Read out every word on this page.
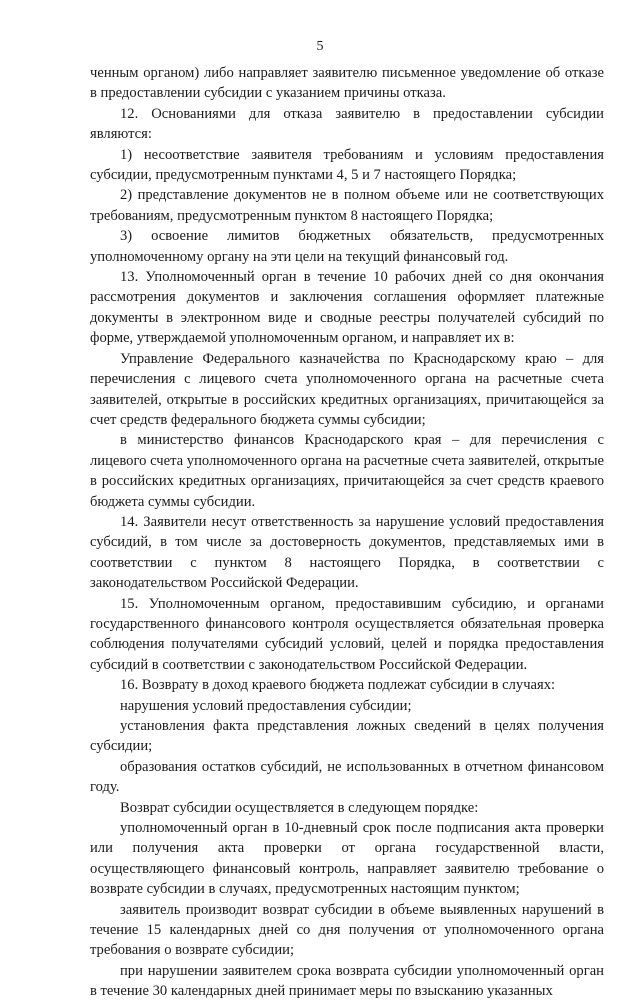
5

ченным органом) либо направляет заявителю письменное уведомление об отказе в предоставлении субсидии с указанием причины отказа.

12. Основаниями для отказа заявителю в предоставлении субсидии являются:

1) несоответствие заявителя требованиям и условиям предоставления субсидии, предусмотренным пунктами 4, 5 и 7 настоящего Порядка;

2) представление документов не в полном объеме или не соответствующих требованиям, предусмотренным пунктом 8 настоящего Порядка;

3) освоение лимитов бюджетных обязательств, предусмотренных уполномоченному органу на эти цели на текущий финансовый год.

13. Уполномоченный орган в течение 10 рабочих дней со дня окончания рассмотрения документов и заключения соглашения оформляет платежные документы в электронном виде и сводные реестры получателей субсидий по форме, утверждаемой уполномоченным органом, и направляет их в:

Управление Федерального казначейства по Краснодарскому краю – для перечисления с лицевого счета уполномоченного органа на расчетные счета заявителей, открытые в российских кредитных организациях, причитающейся за счет средств федерального бюджета суммы субсидии;

в министерство финансов Краснодарского края – для перечисления с лицевого счета уполномоченного органа на расчетные счета заявителей, открытые в российских кредитных организациях, причитающейся за счет средств краевого бюджета суммы субсидии.

14. Заявители несут ответственность за нарушение условий предоставления субсидий, в том числе за достоверность документов, представляемых ими в соответствии с пунктом 8 настоящего Порядка, в соответствии с законодательством Российской Федерации.

15. Уполномоченным органом, предоставившим субсидию, и органами государственного финансового контроля осуществляется обязательная проверка соблюдения получателями субсидий условий, целей и порядка предоставления субсидий в соответствии с законодательством Российской Федерации.

16. Возврату в доход краевого бюджета подлежат субсидии в случаях:

нарушения условий предоставления субсидии;

установления факта представления ложных сведений в целях получения субсидии;

образования остатков субсидий, не использованных в отчетном финансовом году.

Возврат субсидии осуществляется в следующем порядке:

уполномоченный орган в 10-дневный срок после подписания акта проверки или получения акта проверки от органа государственной власти, осуществляющего финансовый контроль, направляет заявителю требование о возврате субсидии в случаях, предусмотренных настоящим пунктом;

заявитель производит возврат субсидии в объеме выявленных нарушений в течение 15 календарных дней со дня получения от уполномоченного органа требования о возврате субсидии;

при нарушении заявителем срока возврата субсидии уполномоченный орган в течение 30 календарных дней принимает меры по взысканию указанных
